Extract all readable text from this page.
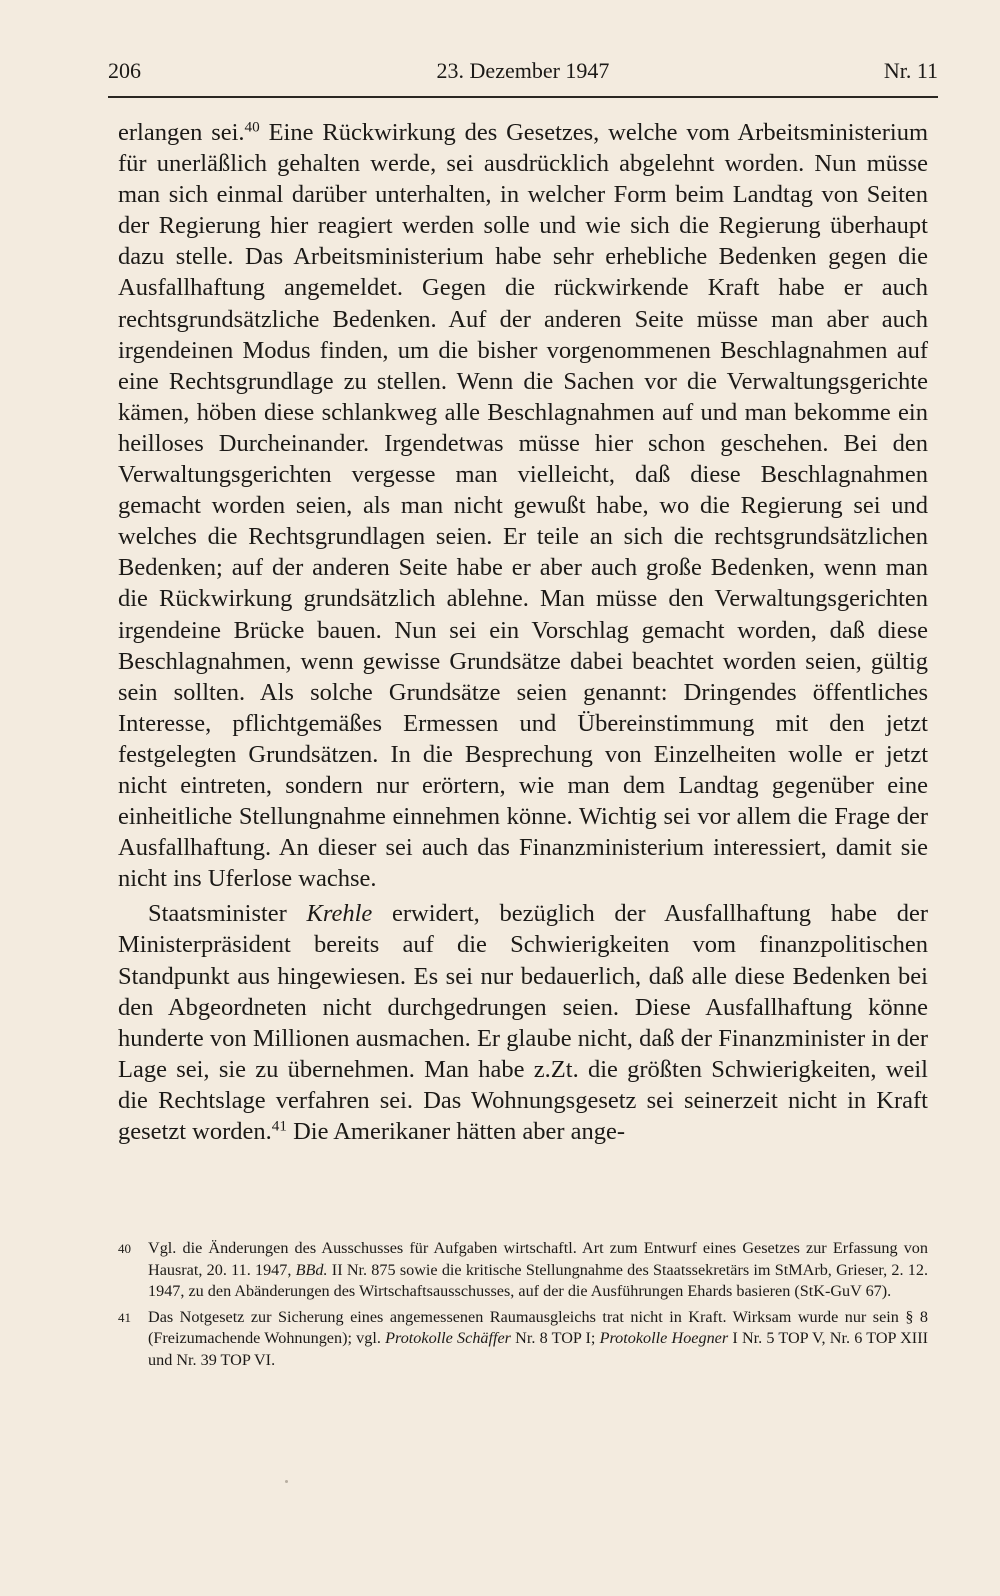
206	23. Dezember 1947	Nr. 11

erlangen sei.$^{40}$ Eine Rückwirkung des Gesetzes, welche vom Arbeitsministerium für unerläßlich gehalten werde, sei ausdrücklich abgelehnt worden. Nun müsse man sich einmal darüber unterhalten, in welcher Form beim Landtag von Seiten der Regierung hier reagiert werden solle und wie sich die Regierung überhaupt dazu stelle. Das Arbeitsministerium habe sehr erhebliche Bedenken gegen die Ausfallhaftung angemeldet. Gegen die rückwirkende Kraft habe er auch rechtsgrundsätzliche Bedenken. Auf der anderen Seite müsse man aber auch irgendeinen Modus finden, um die bisher vorgenommenen Beschlagnahmen auf eine Rechtsgrundlage zu stellen. Wenn die Sachen vor die Verwaltungsgerichte kämen, höben diese schlankweg alle Beschlagnahmen auf und man bekomme ein heilloses Durcheinander. Irgendetwas müsse hier schon geschehen. Bei den Verwaltungsgerichten vergesse man vielleicht, daß diese Beschlagnahmen gemacht worden seien, als man nicht gewußt habe, wo die Regierung sei und welches die Rechtsgrundlagen seien. Er teile an sich die rechtsgrundsätzlichen Bedenken; auf der anderen Seite habe er aber auch große Bedenken, wenn man die Rückwirkung grundsätzlich ablehne. Man müsse den Verwaltungsgerichten irgendeine Brücke bauen. Nun sei ein Vorschlag gemacht worden, daß diese Beschlagnahmen, wenn gewisse Grundsätze dabei beachtet worden seien, gültig sein sollten. Als solche Grundsätze seien genannt: Dringendes öffentliches Interesse, pflichtgemäßes Ermessen und Übereinstimmung mit den jetzt festgelegten Grundsätzen. In die Besprechung von Einzelheiten wolle er jetzt nicht eintreten, sondern nur erörtern, wie man dem Landtag gegenüber eine einheitliche Stellungnahme einnehmen könne. Wichtig sei vor allem die Frage der Ausfallhaftung. An dieser sei auch das Finanzministerium interessiert, damit sie nicht ins Uferlose wachse.

Staatsminister Krehle erwidert, bezüglich der Ausfallhaftung habe der Ministerpräsident bereits auf die Schwierigkeiten vom finanzpolitischen Standpunkt aus hingewiesen. Es sei nur bedauerlich, daß alle diese Bedenken bei den Abgeordneten nicht durchgedrungen seien. Diese Ausfallhaftung könne hunderte von Millionen ausmachen. Er glaube nicht, daß der Finanzminister in der Lage sei, sie zu übernehmen. Man habe z.Zt. die größten Schwierigkeiten, weil die Rechtslage verfahren sei. Das Wohnungsgesetz sei seinerzeit nicht in Kraft gesetzt worden.$^{41}$ Die Amerikaner hätten aber ange-

40 Vgl. die Änderungen des Ausschusses für Aufgaben wirtschaftl. Art zum Entwurf eines Gesetzes zur Erfassung von Hausrat, 20. 11. 1947, BBd. II Nr. 875 sowie die kritische Stellungnahme des Staatssekretärs im StMArb, Grieser, 2. 12. 1947, zu den Abänderungen des Wirtschaftsausschusses, auf der die Ausführungen Ehards basieren (StK-GuV 67).
41 Das Notgesetz zur Sicherung eines angemessenen Raumausgleichs trat nicht in Kraft. Wirksam wurde nur sein § 8 (Freizumachende Wohnungen); vgl. Protokolle Schäffer Nr. 8 TOP I; Protokolle Hoegner I Nr. 5 TOP V, Nr. 6 TOP XIII und Nr. 39 TOP VI.
